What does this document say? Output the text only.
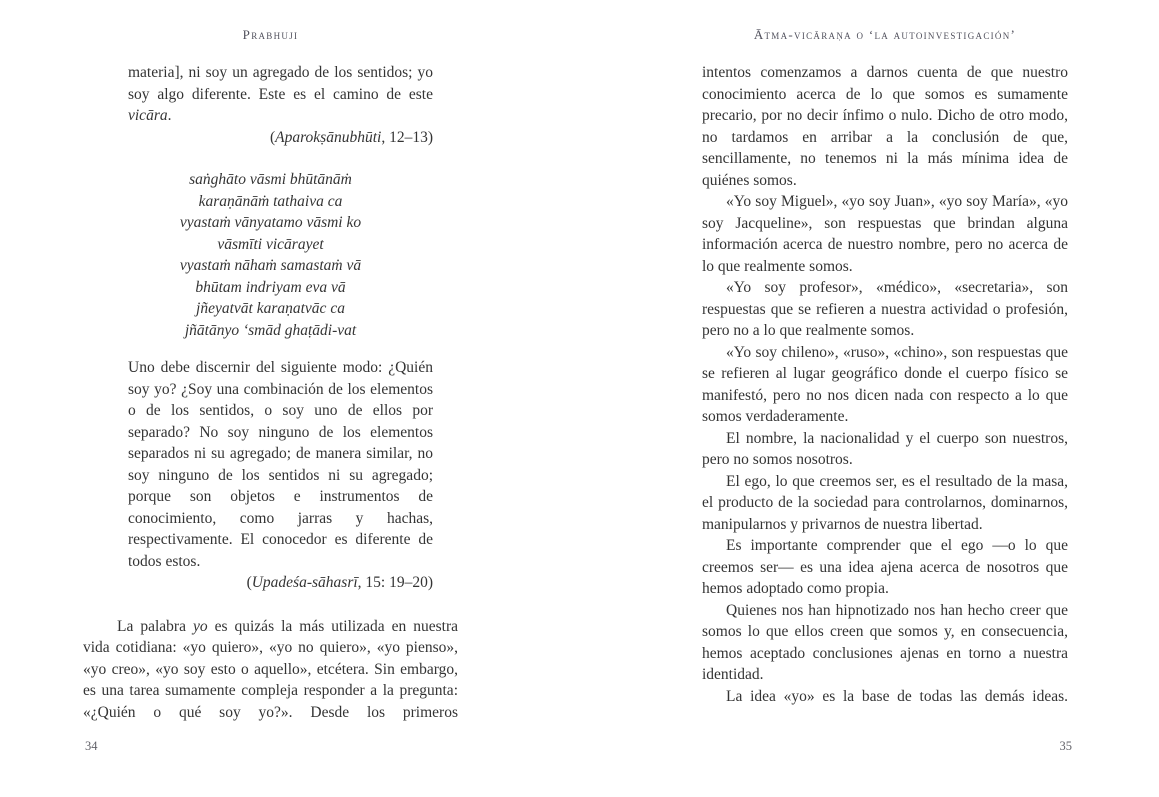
Prabhuji
materia], ni soy un agregado de los sentidos; yo soy algo diferente. Este es el camino de este vicāra.
(Aparokṣānubhūti, 12–13)
saṅghāto vāsmi bhūtānāṁ
karaṇānāṁ tathaiva ca
vyastaṁ vānyatamo vāsmi ko
vāsmīti vicārayet
vyastaṁ nāhaṁ samastaṁ vā
bhūtam indriyam eva vā
jñeyatvāt karaṇatvāc ca
jñātānyo ‘smād ghaṭādi-vat
Uno debe discernir del siguiente modo: ¿Quién soy yo? ¿Soy una combinación de los elementos o de los sentidos, o soy uno de ellos por separado? No soy ninguno de los elementos separados ni su agregado; de manera similar, no soy ninguno de los sentidos ni su agregado; porque son objetos e instrumentos de conocimiento, como jarras y hachas, respectivamente. El conocedor es diferente de todos estos.
(Upadeśa-sāhasrī, 15: 19–20)

La palabra yo es quizás la más utilizada en nuestra vida cotidiana: «yo quiero», «yo no quiero», «yo pienso», «yo creo», «yo soy esto o aquello», etcétera. Sin embargo, es una tarea sumamente compleja responder a la pregunta: «¿Quién o qué soy yo?». Desde los primeros

34
Ātma-vicāraṇa o ‘la autoinvestigación’

intentos comenzamos a darnos cuenta de que nuestro conocimiento acerca de lo que somos es sumamente precario, por no decir ínfimo o nulo. Dicho de otro modo, no tardamos en arribar a la conclusión de que, sencillamente, no tenemos ni la más mínima idea de quiénes somos.

«Yo soy Miguel», «yo soy Juan», «yo soy María», «yo soy Jacqueline», son respuestas que brindan alguna información acerca de nuestro nombre, pero no acerca de lo que realmente somos.

«Yo soy profesor», «médico», «secretaria», son respuestas que se refieren a nuestra actividad o profesión, pero no a lo que realmente somos.

«Yo soy chileno», «ruso», «chino», son respuestas que se refieren al lugar geográfico donde el cuerpo físico se manifestó, pero no nos dicen nada con respecto a lo que somos verdaderamente.

El nombre, la nacionalidad y el cuerpo son nuestros, pero no somos nosotros.

El ego, lo que creemos ser, es el resultado de la masa, el producto de la sociedad para controlarnos, dominarnos, manipularnos y privarnos de nuestra libertad.

Es importante comprender que el ego —o lo que creemos ser— es una idea ajena acerca de nosotros que hemos adoptado como propia.

Quienes nos han hipnotizado nos han hecho creer que somos lo que ellos creen que somos y, en consecuencia, hemos aceptado conclusiones ajenas en torno a nuestra identidad.

La idea «yo» es la base de todas las demás ideas.

35
